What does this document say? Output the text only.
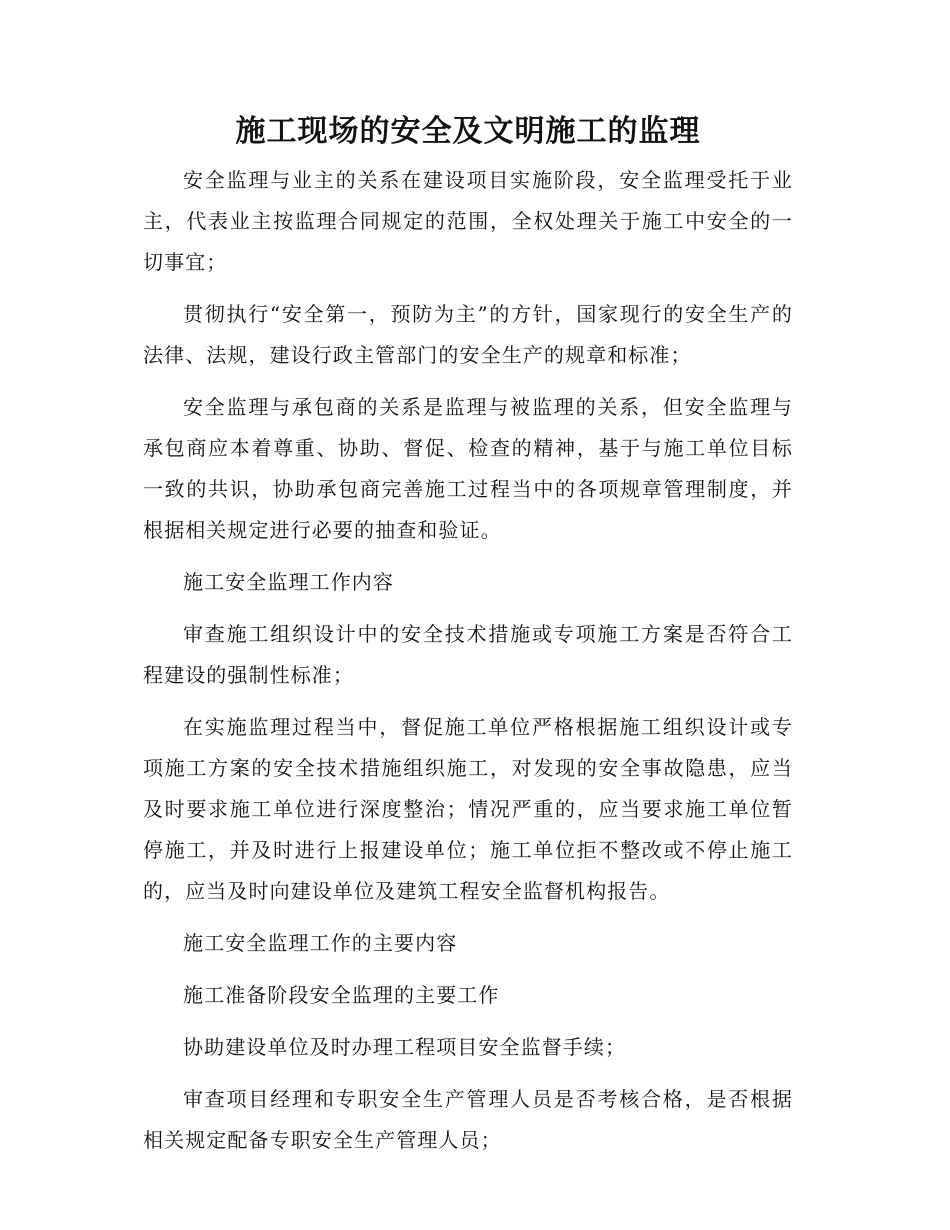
施工现场的安全及文明施工的监理

安全监理与业主的关系在建设项目实施阶段，安全监理受托于业主，代表业主按监理合同规定的范围，全权处理关于施工中安全的一切事宜；

贯彻执行“安全第一，预防为主”的方针，国家现行的安全生产的法律、法规，建设行政主管部门的安全生产的规章和标准；

安全监理与承包商的关系是监理与被监理的关系，但安全监理与承包商应本着尊重、协助、督促、检查的精神，基于与施工单位目标一致的共识，协助承包商完善施工过程当中的各项规章管理制度，并根据相关规定进行必要的抽查和验证。

施工安全监理工作内容

审查施工组织设计中的安全技术措施或专项施工方案是否符合工程建设的强制性标准；

在实施监理过程当中，督促施工单位严格根据施工组织设计或专项施工方案的安全技术措施组织施工，对发现的安全事故隐患，应当及时要求施工单位进行深度整治；情况严重的，应当要求施工单位暂停施工，并及时进行上报建设单位；施工单位拒不整改或不停止施工的，应当及时向建设单位及建筑工程安全监督机构报告。

施工安全监理工作的主要内容

施工准备阶段安全监理的主要工作

协助建设单位及时办理工程项目安全监督手续；

审查项目经理和专职安全生产管理人员是否考核合格，是否根据相关规定配备专职安全生产管理人员；
